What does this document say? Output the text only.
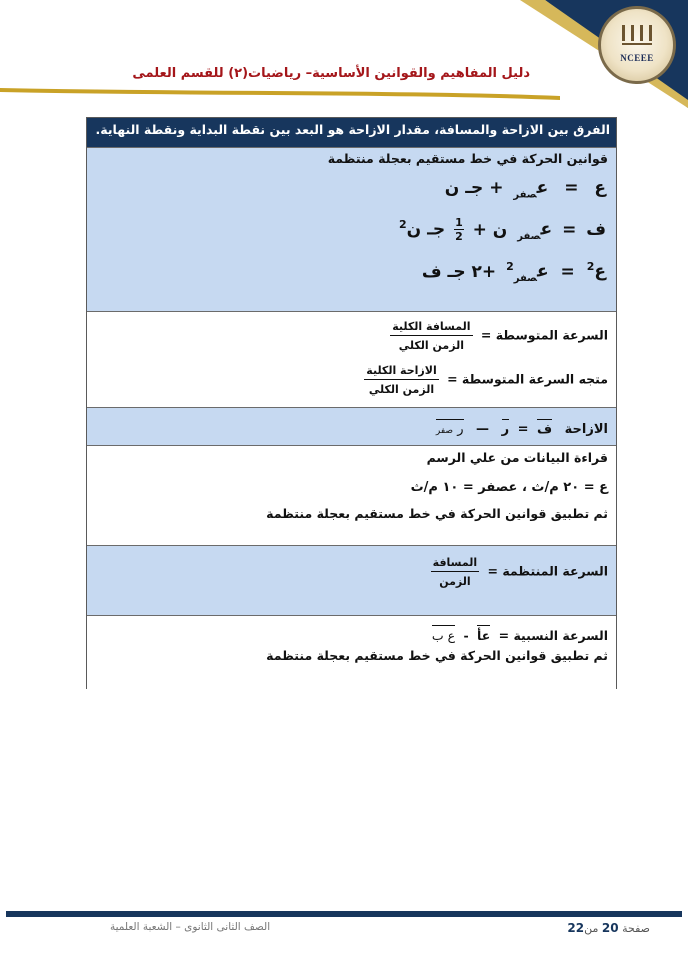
NCEEE
دليل المفاهيم والقوانين الأساسية– رياضيات(٢) للقسم العلمى
الفرق بين الازاحة والمسافة، مقدار الازاحة هو البعد بين نقطة البداية ونقطة النهاية.
قوانين الحركة في خط مستقيم بعجلة منتظمة
ع = ع$_{صفر}$ + جـ ن
ف = ع$_{صفر}$ ن +
$\frac{1}{2}$
جـ ن$^2$
ع$^2$ = ع$_{صفر}^2$ +٢ جـ ف
السرعة المتوسطة =
$\frac{\text{المسافة الكلية}}{\text{الزمن الكلي}}$
متجه السرعة المتوسطة =
$\frac{\text{الازاحة الكلية}}{\text{الزمن الكلي}}$
الازاحة ف = ر — ر صفر
قراءة البيانات من علي الرسم
ع = ٢٠ م/ث ، عصفر = ١٠ م/ث
ثم تطبيق قوانين الحركة في خط مستقيم بعجلة منتظمة
السرعة المنتظمة =
$\frac{\text{المسافة}}{\text{الزمن}}$
السرعة النسبية = عأ - ع ب
ثم تطبيق قوانين الحركة في خط مستقيم بعجلة منتظمة
صفحة 20 من22
الصف الثانى الثانوى – الشعبة العلمية
